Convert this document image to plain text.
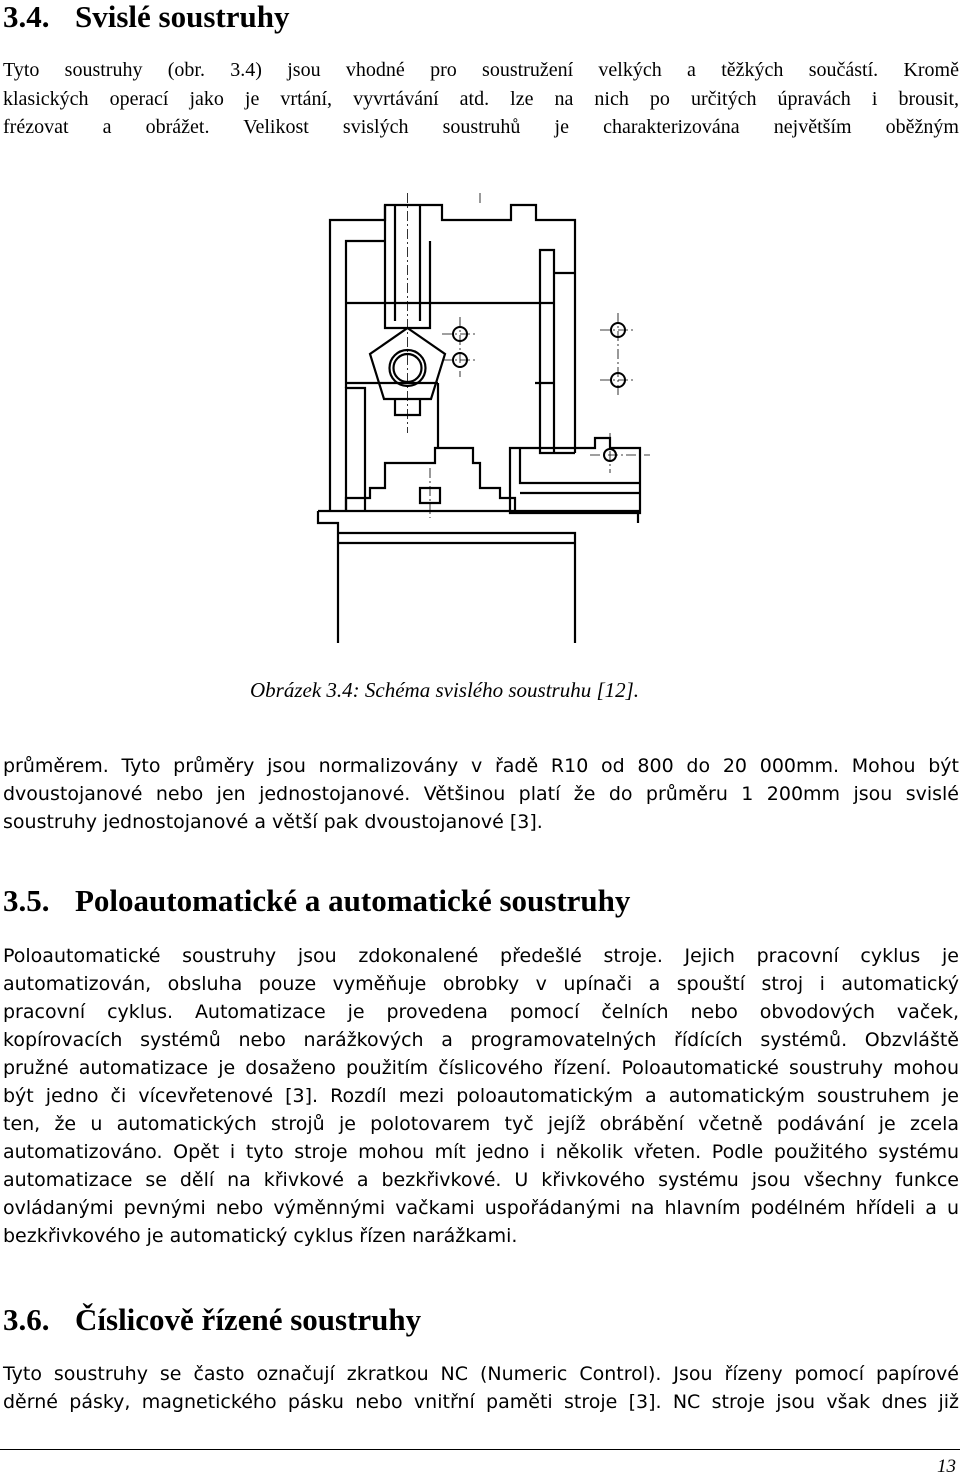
3.4. Svislé soustruhy
Tyto soustruhy (obr. 3.4) jsou vhodné pro soustružení velkých a těžkých součástí. Kromě
klasických operací jako je vrtání, vyvrtávání atd. lze na nich po určitých úpravách i brousit,
frézovat a obrážet. Velikost svislých soustruhů je charakterizována největším oběžným
Obrázek 3.4: Schéma svislého soustruhu [12].
průměrem. Tyto průměry jsou normalizovány v řadě R10 od 800 do 20 000mm. Mohou být
dvoustojanové nebo jen jednostojanové. Většinou platí že do průměru 1 200mm jsou svislé
soustruhy jednostojanové a větší pak dvoustojanové [3].
3.5. Poloautomatické a automatické soustruhy
Poloautomatické soustruhy jsou zdokonalené předešlé stroje. Jejich pracovní cyklus je
automatizován, obsluha pouze vyměňuje obrobky v upínači a spouští stroj i automatický
pracovní cyklus. Automatizace je provedena pomocí čelních nebo obvodových vaček,
kopírovacích systémů nebo narážkových a programovatelných řídících systémů. Obzvláště
pružné automatizace je dosaženo použitím číslicového řízení. Poloautomatické soustruhy mohou
být jedno či vícevřetenové [3]. Rozdíl mezi poloautomatickým a automatickým soustruhem je
ten, že u automatických strojů je polotovarem tyč jejíž obrábění včetně podávání je zcela
automatizováno. Opět i tyto stroje mohou mít jedno i několik vřeten. Podle použitého systému
automatizace se dělí na křivkové a bezkřivkové. U křivkového systému jsou všechny funkce
ovládanými pevnými nebo výměnnými vačkami uspořádanými na hlavním podélném hřídeli a u
bezkřivkového je automatický cyklus řízen narážkami.
3.6. Číslicově řízené soustruhy
Tyto soustruhy se často označují zkratkou NC (Numeric Control). Jsou řízeny pomocí papírové
děrné pásky, magnetického pásku nebo vnitřní paměti stroje [3]. NC stroje jsou však dnes již
13
